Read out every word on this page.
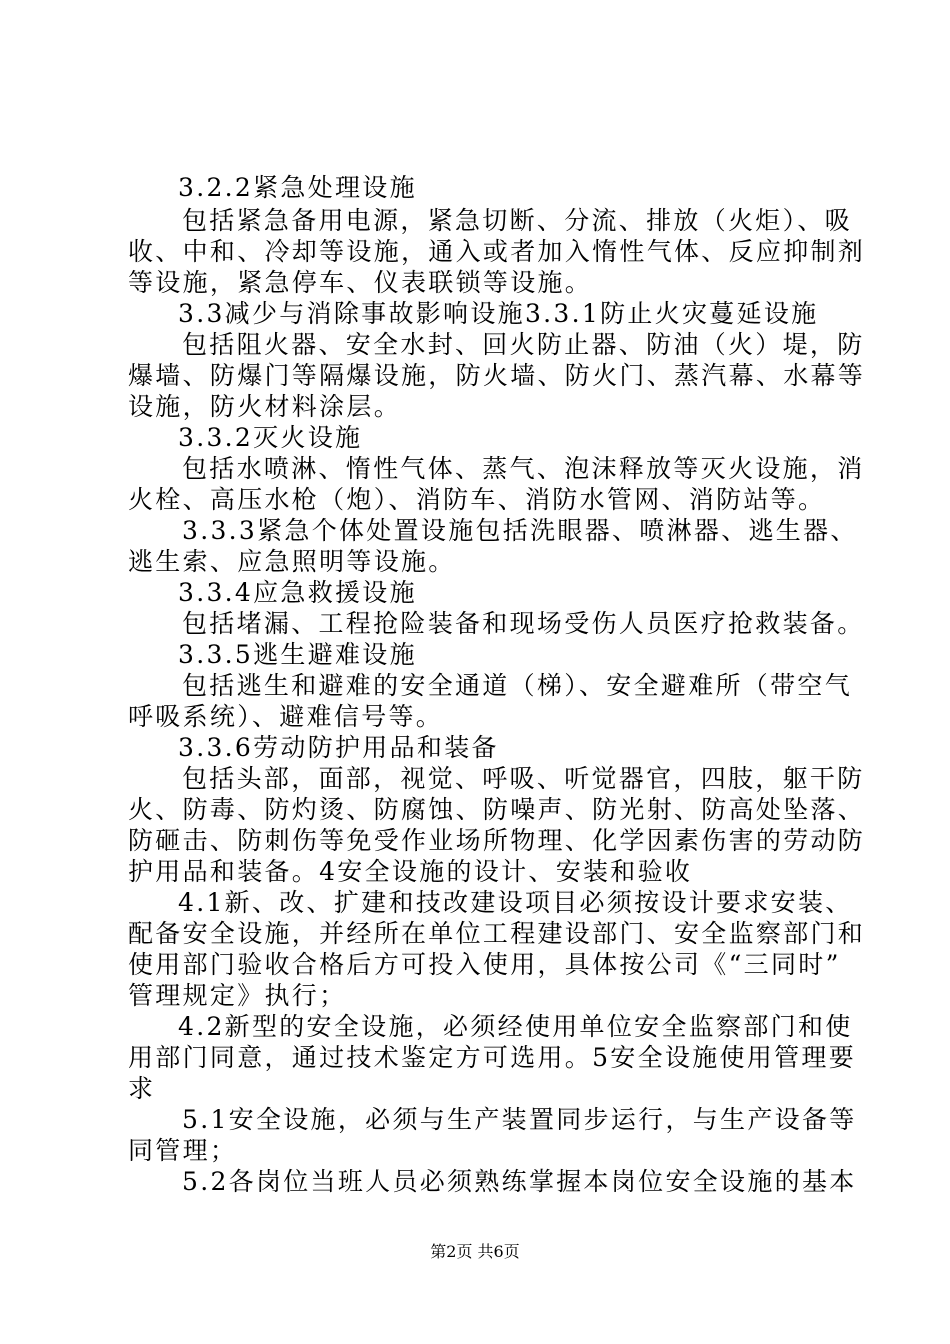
3.2.2紧急处理设施
包括紧急备用电源，紧急切断、分流、排放（火炬）、吸
收、中和、冷却等设施，通入或者加入惰性气体、反应抑制剂
等设施，紧急停车、仪表联锁等设施。
3.3减少与消除事故影响设施3.3.1防止火灾蔓延设施
包括阻火器、安全水封、回火防止器、防油（火）堤，防
爆墙、防爆门等隔爆设施，防火墙、防火门、蒸汽幕、水幕等
设施，防火材料涂层。
3.3.2灭火设施
包括水喷淋、惰性气体、蒸气、泡沫释放等灭火设施，消
火栓、高压水枪（炮）、消防车、消防水管网、消防站等。
3.3.3紧急个体处置设施包括洗眼器、喷淋器、逃生器、
逃生索、应急照明等设施。
3.3.4应急救援设施
包括堵漏、工程抢险装备和现场受伤人员医疗抢救装备。
3.3.5逃生避难设施
包括逃生和避难的安全通道（梯）、安全避难所（带空气
呼吸系统）、避难信号等。
3.3.6劳动防护用品和装备
包括头部，面部，视觉、呼吸、听觉器官，四肢，躯干防
火、防毒、防灼烫、防腐蚀、防噪声、防光射、防高处坠落、
防砸击、防刺伤等免受作业场所物理、化学因素伤害的劳动防
护用品和装备。4安全设施的设计、安装和验收
4.1新、改、扩建和技改建设项目必须按设计要求安装、
配备安全设施，并经所在单位工程建设部门、安全监察部门和
使用部门验收合格后方可投入使用，具体按公司《“三同时”
管理规定》执行；
4.2新型的安全设施，必须经使用单位安全监察部门和使
用部门同意，通过技术鉴定方可选用。5安全设施使用管理要
求
5.1安全设施，必须与生产装置同步运行，与生产设备等
同管理；
5.2各岗位当班人员必须熟练掌握本岗位安全设施的基本
第2页 共6页
